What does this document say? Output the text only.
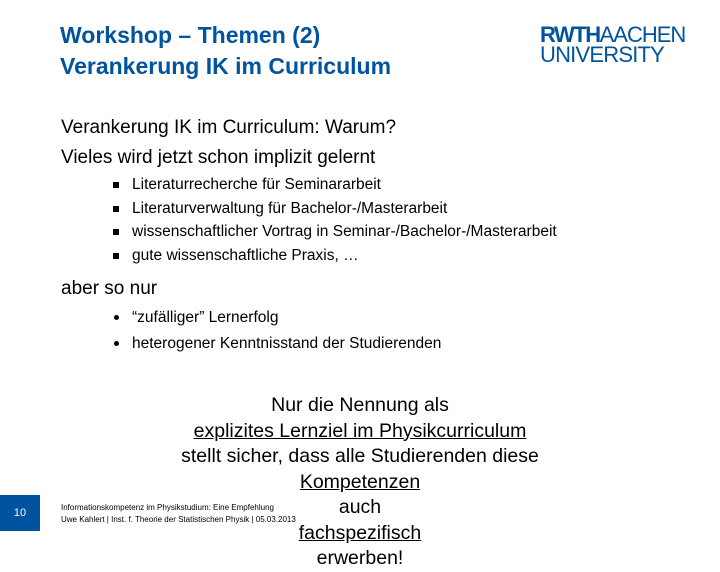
Workshop – Themen (2)
Verankerung IK im Curriculum
RWTHAACHEN
UNIVERSITY

Verankerung IK im Curriculum: Warum?

Vieles wird jetzt schon implizit gelernt

Literaturrecherche für Seminararbeit
Literaturverwaltung für Bachelor-/Masterarbeit
wissenschaftlicher Vortrag in Seminar-/Bachelor-/Masterarbeit
gute wissenschaftliche Praxis, …

aber so nur

“zufälliger” Lernerfolg
heterogener Kenntnisstand der Studierenden

Nur die Nennung als
explizites Lernziel im Physikcurriculum
stellt sicher, dass alle Studierenden diese
Kompetenzen
auch
fachspezifisch
erwerben!

10	Informationskompetenz im Physikstudium: Eine Empfehlung
Uwe Kahlert | Inst. f. Theorie der Statistischen Physik | 05.03.2013
